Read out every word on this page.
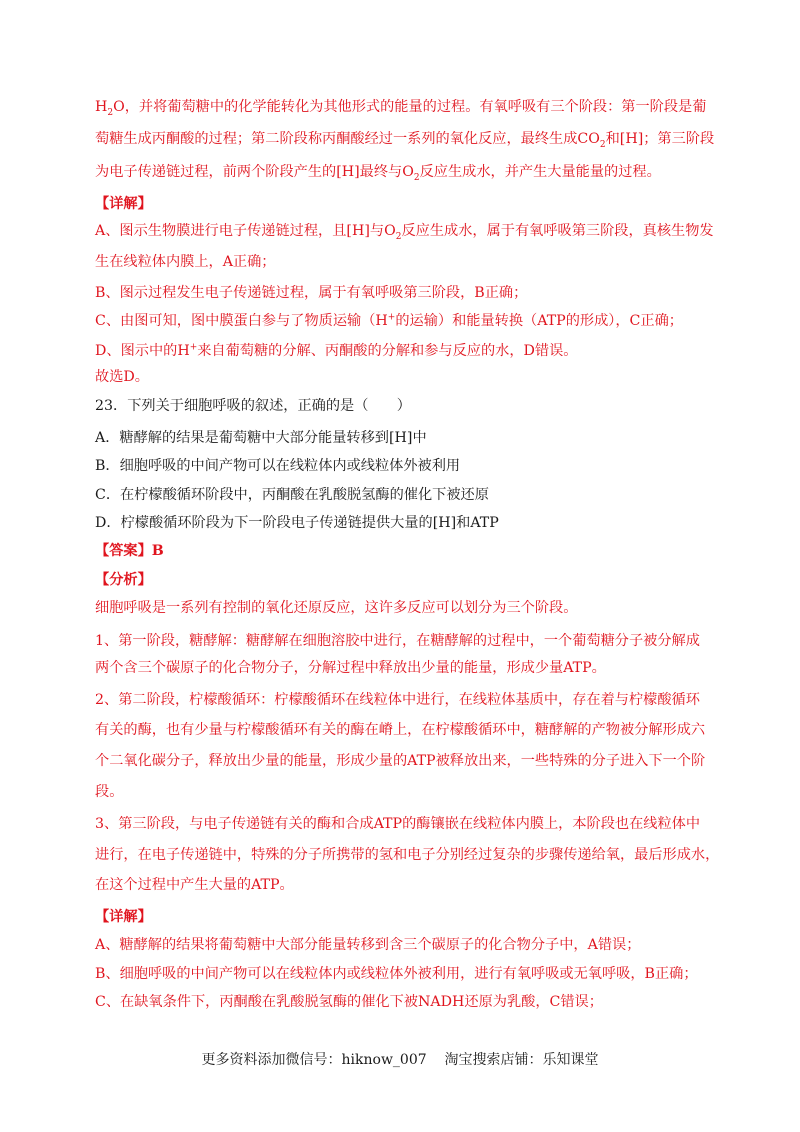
$H_2O$，并将葡萄糖中的化学能转化为其他形式的能量的过程。有氧呼吸有三个阶段：第一阶段是葡
萄糖生成丙酮酸的过程；第二阶段称丙酮酸经过一系列的氧化反应，最终生成$CO_2$和[H]；第三阶段
为电子传递链过程，前两个阶段产生的[H]最终与$O_2$反应生成水，并产生大量能量的过程。
【详解】
A、图示生物膜进行电子传递链过程，且[H]与$O_2$反应生成水，属于有氧呼吸第三阶段，真核生物发
生在线粒体内膜上，A正确；
B、图示过程发生电子传递链过程，属于有氧呼吸第三阶段，B正确；
C、由图可知，图中膜蛋白参与了物质运输（H+的运输）和能量转换（ATP的形成），C正确；
D、图示中的H+来自葡萄糖的分解、丙酮酸的分解和参与反应的水，D错误。
故选D。
23．下列关于细胞呼吸的叙述，正确的是（　　）
A．糖酵解的结果是葡萄糖中大部分能量转移到[H]中
B．细胞呼吸的中间产物可以在线粒体内或线粒体外被利用
C．在柠檬酸循环阶段中，丙酮酸在乳酸脱氢酶的催化下被还原
D．柠檬酸循环阶段为下一阶段电子传递链提供大量的[H]和ATP
【答案】B
【分析】
细胞呼吸是一系列有控制的氧化还原反应，这许多反应可以划分为三个阶段。
1、第一阶段，糖酵解：糖酵解在细胞溶胶中进行，在糖酵解的过程中，一个葡萄糖分子被分解成
两个含三个碳原子的化合物分子，分解过程中释放出少量的能量，形成少量ATP。
2、第二阶段，柠檬酸循环：柠檬酸循环在线粒体中进行，在线粒体基质中，存在着与柠檬酸循环
有关的酶，也有少量与柠檬酸循环有关的酶在嵴上，在柠檬酸循环中，糖酵解的产物被分解形成六
个二氧化碳分子，释放出少量的能量，形成少量的ATP被释放出来，一些特殊的分子进入下一个阶
段。
3、第三阶段，与电子传递链有关的酶和合成ATP的酶镶嵌在线粒体内膜上，本阶段也在线粒体中
进行，在电子传递链中，特殊的分子所携带的氢和电子分别经过复杂的步骤传递给氧，最后形成水，
在这个过程中产生大量的ATP。
【详解】
A、糖酵解的结果将葡萄糖中大部分能量转移到含三个碳原子的化合物分子中，A错误；
B、细胞呼吸的中间产物可以在线粒体内或线粒体外被利用，进行有氧呼吸或无氧呼吸，B正确；
C、在缺氧条件下，丙酮酸在乳酸脱氢酶的催化下被NADH还原为乳酸，C错误；
更多资料添加微信号：hiknow_007 淘宝搜索店铺：乐知课堂
